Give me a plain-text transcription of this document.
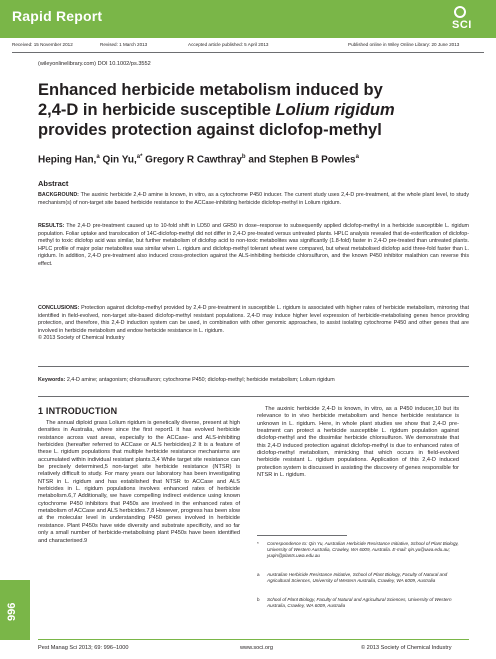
Rapid Report
SCI
Received: 15 November 2012	Revised: 1 March 2013	Accepted article published: 5 April 2013	Published online in Wiley Online Library: 20 June 2013
(wileyonlinelibrary.com) DOI 10.1002/ps.3552
Enhanced herbicide metabolism induced by
2,4-D in herbicide susceptible Lolium rigidum
provides protection against diclofop-methyl
Heping Han,$^a$ Qin Yu,$^{a*}$ Gregory R Cawthray$^b$ and Stephen B Powles$^a$
Abstract
BACKGROUND: The auxinic herbicide 2,4-D amine is known, in vitro, as a cytochrome P450 inducer. The current study uses 2,4-D pre-treatment, at the whole plant level, to study mechanism(s) of non-target site based herbicide resistance to the ACCase-inhibiting herbicide diclofop-methyl in Lolium rigidum.
RESULTS: The 2,4-D pre-treatment caused up to 10-fold shift in LD50 and GR50 in dose–response to subsequently applied diclofop-methyl in a herbicide susceptible L. rigidum population. Foliar uptake and translocation of 14C-diclofop-methyl did not differ in 2,4-D pre-treated versus untreated plants. HPLC analysis revealed that de-esterification of diclofop-methyl to toxic diclofop acid was similar, but further metabolism of diclofop acid to non-toxic metabolites was significantly (1.8-fold) faster in 2,4-D pre-treated than untreated plants. HPLC profile of major polar metabolites was similar when L. rigidum and diclofop-methyl tolerant wheat were compared, but wheat metabolised diclofop acid three-fold faster than L. rigidum. In addition, 2,4-D pre-treatment also induced cross-protection against the ALS-inhibiting herbicide chlorsulfuron, and the known P450 inhibitor malathion can reverse this effect.
CONCLUSIONS: Protection against diclofop-methyl provided by 2,4-D pre-treatment in susceptible L. rigidum is associated with higher rates of herbicide metabolism, mirroring that identified in field-evolved, non-target site-based diclofop-methyl resistant populations. 2,4-D may induce higher level expression of herbicide-metabolising genes hence providing protection, and therefore, this 2,4-D induction system can be used, in combination with other genomic approaches, to assist isolating cytochrome P450 and other genes that are involved in herbicide metabolism and endow herbicide resistance in L. rigidum.
© 2013 Society of Chemical Industry
Keywords: 2,4-D amine; antagonism; chlorsulfuron; cytochrome P450; diclofop-methyl; herbicide metabolism; Lolium rigidum
1 INTRODUCTION

The annual diploid grass Lolium rigidum is genetically diverse, present at high densities in Australia, where since the first report1 it has evolved herbicide resistance across vast areas, especially to the ACCase- and ALS-inhibiting herbicides (hereafter referred to ACCase or ALS herbicides).2 It is a feature of these L. rigidum populations that multiple herbicide resistance mechanisms are accumulated within individual resistant plants.3,4 While target site resistance can be precisely determined,5 non-target site herbicide resistance (NTSR) is relatively difficult to study. For many years our laboratory has been investigating NTSR in L. rigidum and has established that NTSR to ACCase and ALS herbicides in L. rigidum populations involves enhanced rates of herbicide metabolism.6,7 Additionally, we have compelling indirect evidence using known cytochrome P450 inhibitors that P450s are involved in the enhanced rates of metabolism of ACCase and ALS herbicides.7,8 However, progress has been slow at the molecular level in understanding P450 genes involved in herbicide resistance. Plant P450s have wide diversity and substrate specificity, and so far only a small number of herbicide-metabolising plant P450s have been identified and characterised.9

The auxinic herbicide 2,4-D is known, in vitro, as a P450 inducer,10 but its relevance to in vivo herbicide metabolism and hence herbicide resistance is unknown in L. rigidum. Here, in whole plant studies we show that 2,4-D pre-treatment can protect a herbicide susceptible L. rigidum population against diclofop-methyl and the dissimilar herbicide chlorsulfuron. We demonstrate that this 2,4-D induced protection against diclofop-methyl is due to enhanced rates of diclofop-methyl metabolism, mimicking that which occurs in field-evolved herbicide resistant L. rigidum populations. Application of this 2,4-D induced protection system is discussed in assisting the discovery of genes responsible for NTSR in L. rigidum.

* Correspondence to: Qin Yu, Australian Herbicide Resistance Initiative, School of Plant Biology, University of Western Australia, Crawley, WA 6009, Australia. E-mail: qin.yu@uwa.edu.au; yuqin@plants.uwa.edu.au
a Australian Herbicide Resistance Initiative, School of Plant Biology, Faculty of Natural and Agricultural Sciences, University of Western Australia, Crawley, WA 6009, Australia
b School of Plant Biology, Faculty of Natural and Agricultural Sciences, University of Western Australia, Crawley, WA 6009, Australia
996
Pest Manag Sci 2013; 69: 996–1000	www.soci.org	© 2013 Society of Chemical Industry
